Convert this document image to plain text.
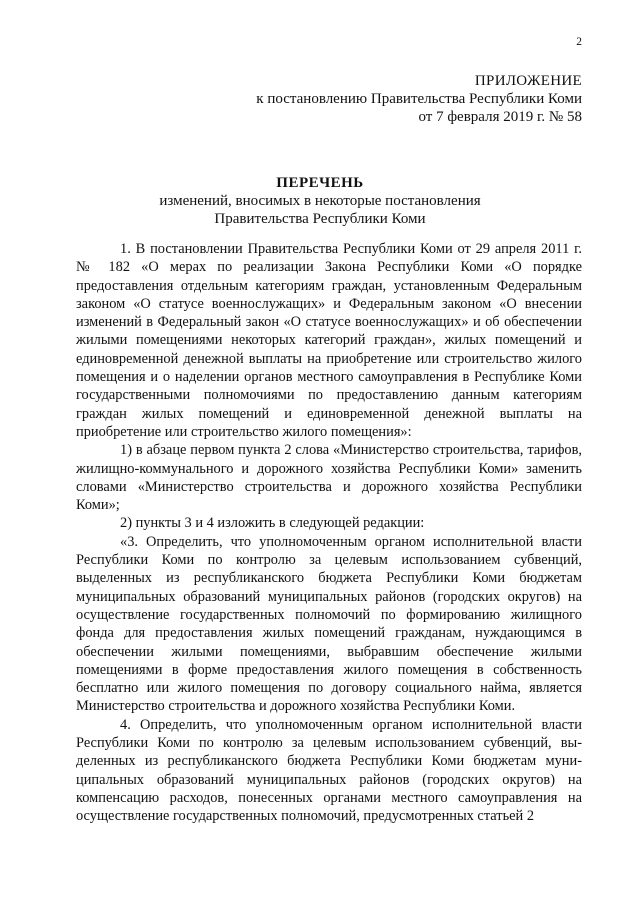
2
ПРИЛОЖЕНИЕ
к постановлению Правительства Республики Коми
от 7 февраля 2019 г. № 58
ПЕРЕЧЕНЬ
изменений, вносимых в некоторые постановления
Правительства Республики Коми

1. В постановлении Правительства Республики Коми от 29 апреля 2011 г. № 182 «О мерах по реализации Закона Республики Коми «О порядке предоставления отдельным категориям граждан, установленным Федеральным законом «О статусе военнослужащих» и Федеральным законом «О внесении изменений в Федеральный закон «О статусе военнослужащих» и об обеспечении жилыми помещениями некоторых категорий граждан», жилых помещений и единовременной денежной выплаты на приобретение или строительство жилого помещения и о наделении органов местного самоуправления в Республике Коми государственными полномочиями по предоставлению данным категориям граждан жилых помещений и единовременной денежной выплаты на приобретение или строительство жилого помещения»:

1) в абзаце первом пункта 2 слова «Министерство строительства, тарифов, жилищно-коммунального и дорожного хозяйства Республики Коми» заменить словами «Министерство строительства и дорожного хозяйства Республики Коми»;

2) пункты 3 и 4 изложить в следующей редакции:

«3. Определить, что уполномоченным органом исполнительной власти Республики Коми по контролю за целевым использованием субвенций, выделенных из республиканского бюджета Республики Коми бюджетам муниципальных образований муниципальных районов (городских округов) на осуществление государственных полномочий по формированию жилищного фонда для предоставления жилых помещений гражданам, нуждающимся в обеспечении жилыми помещениями, выбравшим обеспечение жилыми помещениями в форме предоставления жилого помещения в собственность бесплатно или жилого помещения по договору социального найма, является Министерство строительства и дорожного хозяйства Республики Коми.

4. Определить, что уполномоченным органом исполнительной власти Республики Коми по контролю за целевым использованием субвенций, выделенных из республиканского бюджета Республики Коми бюджетам муниципальных образований муниципальных районов (городских округов) на компенсацию расходов, понесенных органами местного самоуправления на осуществление государственных полномочий, предусмотренных статьей 2
